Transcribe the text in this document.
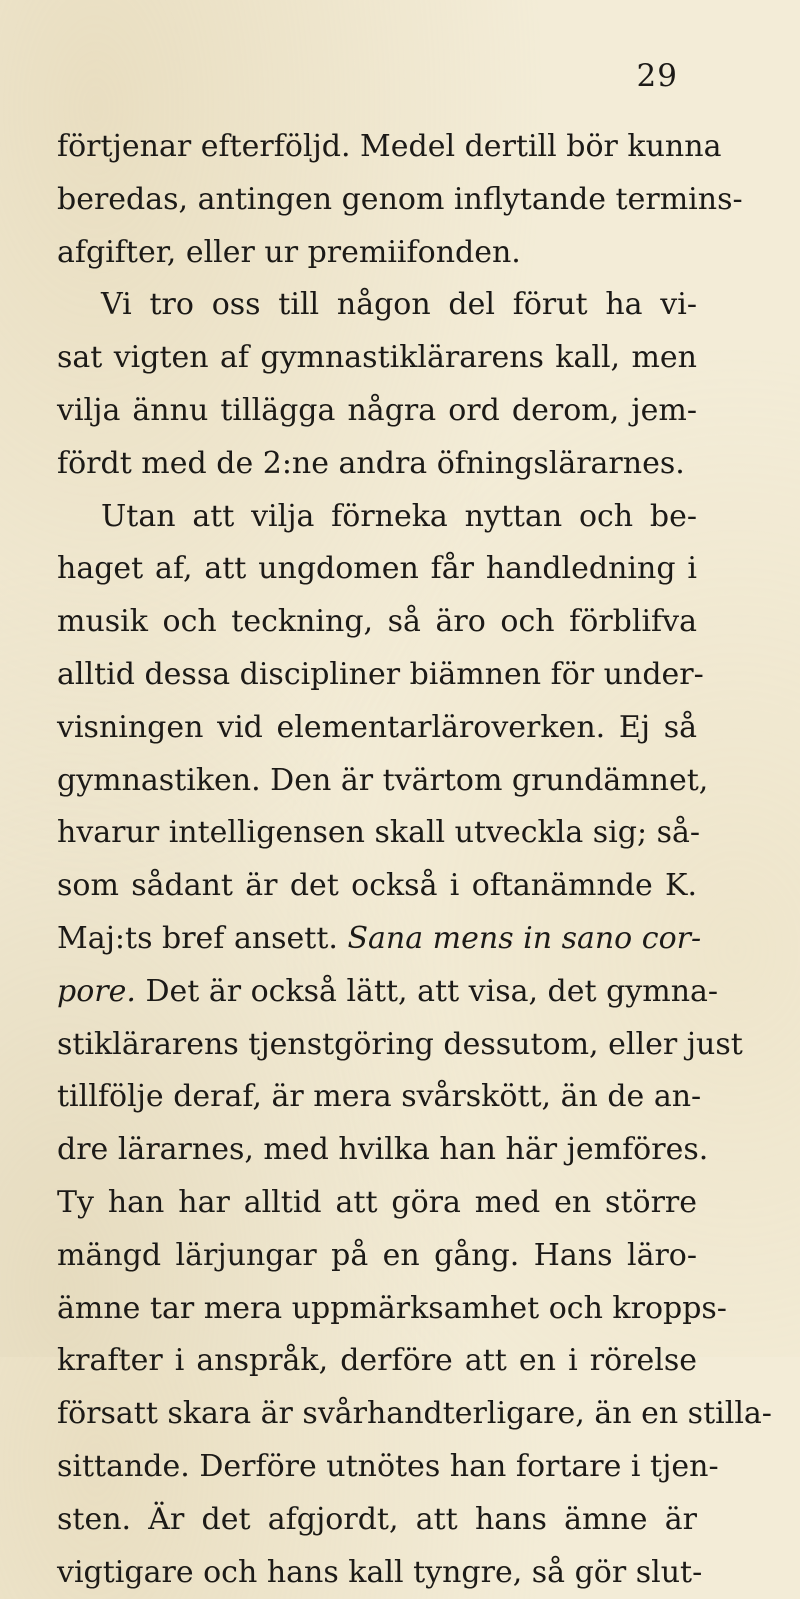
29
förtjenar efterföljd. Medel dertill bör kunna
beredas, antingen genom inflytande termins-
afgifter, eller ur premiifonden.
Vi tro oss till någon del förut ha vi-
sat vigten af gymnastiklärarens kall, men
vilja ännu tillägga några ord derom, jem-
fördt med de 2:ne andra öfningslärarnes.
Utan att vilja förneka nyttan och be-
haget af, att ungdomen får handledning i
musik och teckning, så äro och förblifva
alltid dessa discipliner biämnen för under-
visningen vid elementarläroverken. Ej så
gymnastiken. Den är tvärtom grundämnet,
hvarur intelligensen skall utveckla sig; så-
som sådant är det också i oftanämnde K.
Maj:ts bref ansett. Sana mens in sano cor-
pore. Det är också lätt, att visa, det gymna-
stiklärarens tjenstgöring dessutom, eller just
tillfölje deraf, är mera svårskött, än de an-
dre lärarnes, med hvilka han här jemföres.
Ty han har alltid att göra med en större
mängd lärjungar på en gång. Hans läro-
ämne tar mera uppmärksamhet och kropps-
krafter i anspråk, derföre att en i rörelse
försatt skara är svårhandterligare, än en stilla-
sittande. Derföre utnötes han fortare i tjen-
sten. Är det afgjordt, att hans ämne är
vigtigare och hans kall tyngre, så gör slut-
